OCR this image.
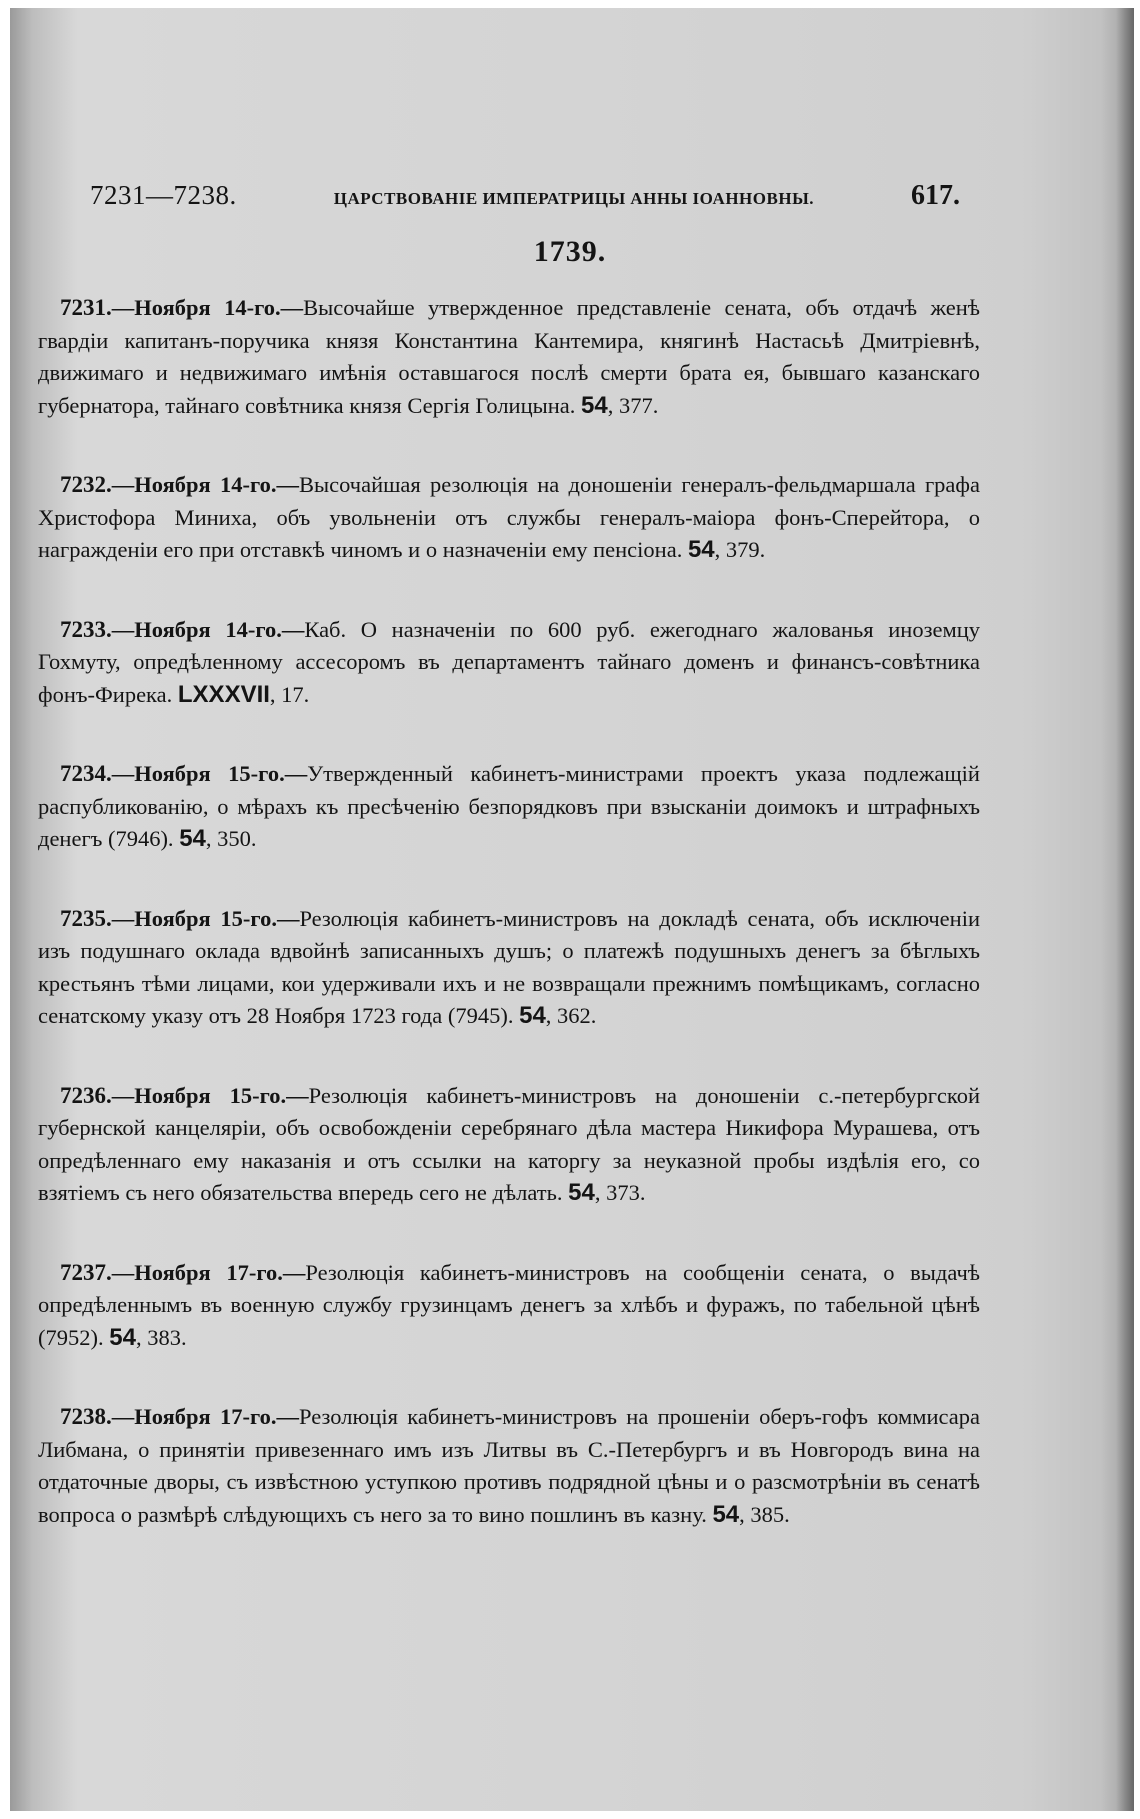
7231—7238.	ЦАРСТВОВАНІЕ ИМПЕРАТРИЦЫ АННЫ ІОАННОВНЫ.	617.
1739.

7231.—Ноября 14-го.—Высочайше утвержденное представленіе сената, объ отдачѣ женѣ гвардіи капитанъ-поручика князя Константина Кантемира, княгинѣ Настасьѣ Дмитріевнѣ, движимаго и недвижимаго имѣнія оставшагося послѣ смерти брата ея, бывшаго казанскаго губернатора, тайнаго совѣтника князя Сергія Голицына. 54, 377.

7232.—Ноября 14-го.—Высочайшая резолюція на доношеніи генералъ-фельдмаршала графа Христофора Миниха, объ увольненіи отъ службы генералъ-маіора фонъ-Сперейтора, о награжденіи его при отставкѣ чиномъ и о назначеніи ему пенсіона. 54, 379.

7233.—Ноября 14-го.—Каб. О назначеніи по 600 руб. ежегоднаго жалованья иноземцу Гохмуту, опредѣленному ассесоромъ въ департаментъ тайнаго доменъ и финансъ-совѣтника фонъ-Фирека. LXXXVII, 17.

7234.—Ноября 15-го.—Утвержденный кабинетъ-министрами проектъ указа подлежащій распубликованію, о мѣрахъ къ пресѣченію безпорядковъ при взысканіи доимокъ и штрафныхъ денегъ (7946). 54, 350.

7235.—Ноября 15-го.—Резолюція кабинетъ-министровъ на докладѣ сената, объ исключеніи изъ подушнаго оклада вдвойнѣ записанныхъ душъ; о платежѣ подушныхъ денегъ за бѣглыхъ крестьянъ тѣми лицами, кои удерживали ихъ и не возвращали прежнимъ помѣщикамъ, согласно сенатскому указу отъ 28 Ноября 1723 года (7945). 54, 362.

7236.—Ноября 15-го.—Резолюція кабинетъ-министровъ на доношеніи с.-петербургской губернской канцеляріи, объ освобожденіи серебрянаго дѣла мастера Никифора Мурашева, отъ опредѣленнаго ему наказанія и отъ ссылки на каторгу за неуказной пробы издѣлія его, со взятіемъ съ него обязательства впередь сего не дѣлать. 54, 373.

7237.—Ноября 17-го.—Резолюція кабинетъ-министровъ на сообщеніи сената, о выдачѣ опредѣленнымъ въ военную службу грузинцамъ денегъ за хлѣбъ и фуражъ, по табельной цѣнѣ (7952). 54, 383.

7238.—Ноября 17-го.—Резолюція кабинетъ-министровъ на прошеніи оберъ-гофъ коммисара Либмана, о принятіи привезеннаго имъ изъ Литвы въ С.-Петербургъ и въ Новгородъ вина на отдаточные дворы, съ извѣстною уступкою противъ подрядной цѣны и о разсмотрѣніи въ сенатѣ вопроса о размѣрѣ слѣдующихъ съ него за то вино пошлинъ въ казну. 54, 385.
